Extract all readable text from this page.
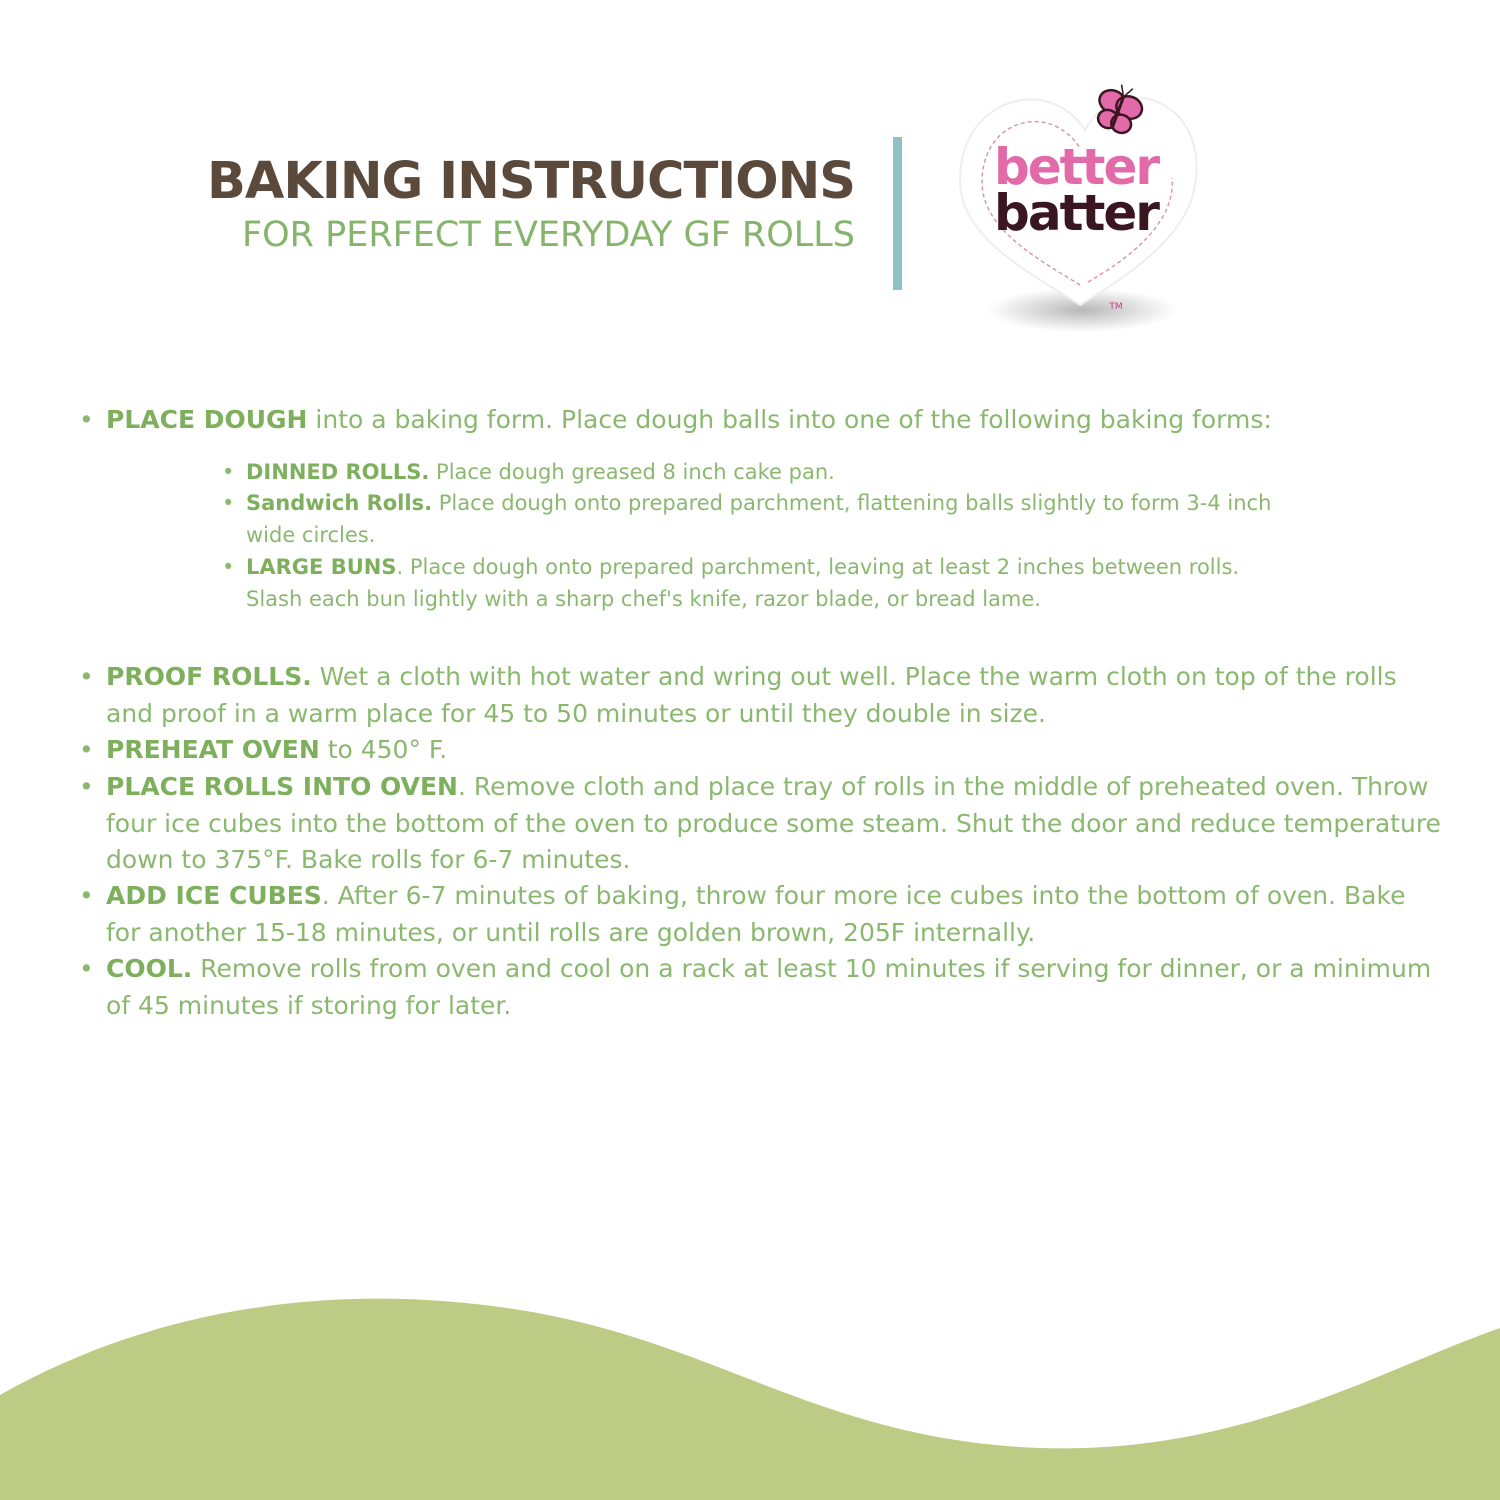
BAKING INSTRUCTIONS
FOR PERFECT EVERYDAY GF ROLLS
better
batter
TM
• PLACE DOUGH into a baking form. Place dough balls into one of the following baking forms:
• DINNED ROLLS. Place dough greased 8 inch cake pan.
• Sandwich Rolls. Place dough onto prepared parchment, flattening balls slightly to form 3-4 inch wide circles.
• LARGE BUNS. Place dough onto prepared parchment, leaving at least 2 inches between rolls. Slash each bun lightly with a sharp chef's knife, razor blade, or bread lame.
• PROOF ROLLS. Wet a cloth with hot water and wring out well. Place the warm cloth on top of the rolls and proof in a warm place for 45 to 50 minutes or until they double in size.
• PREHEAT OVEN to 450° F.
• PLACE ROLLS INTO OVEN. Remove cloth and place tray of rolls in the middle of preheated oven. Throw four ice cubes into the bottom of the oven to produce some steam. Shut the door and reduce temperature down to 375°F. Bake rolls for 6-7 minutes.
• ADD ICE CUBES. After 6-7 minutes of baking, throw four more ice cubes into the bottom of oven. Bake for another 15-18 minutes, or until rolls are golden brown, 205F internally.
• COOL. Remove rolls from oven and cool on a rack at least 10 minutes if serving for dinner, or a minimum of 45 minutes if storing for later.
